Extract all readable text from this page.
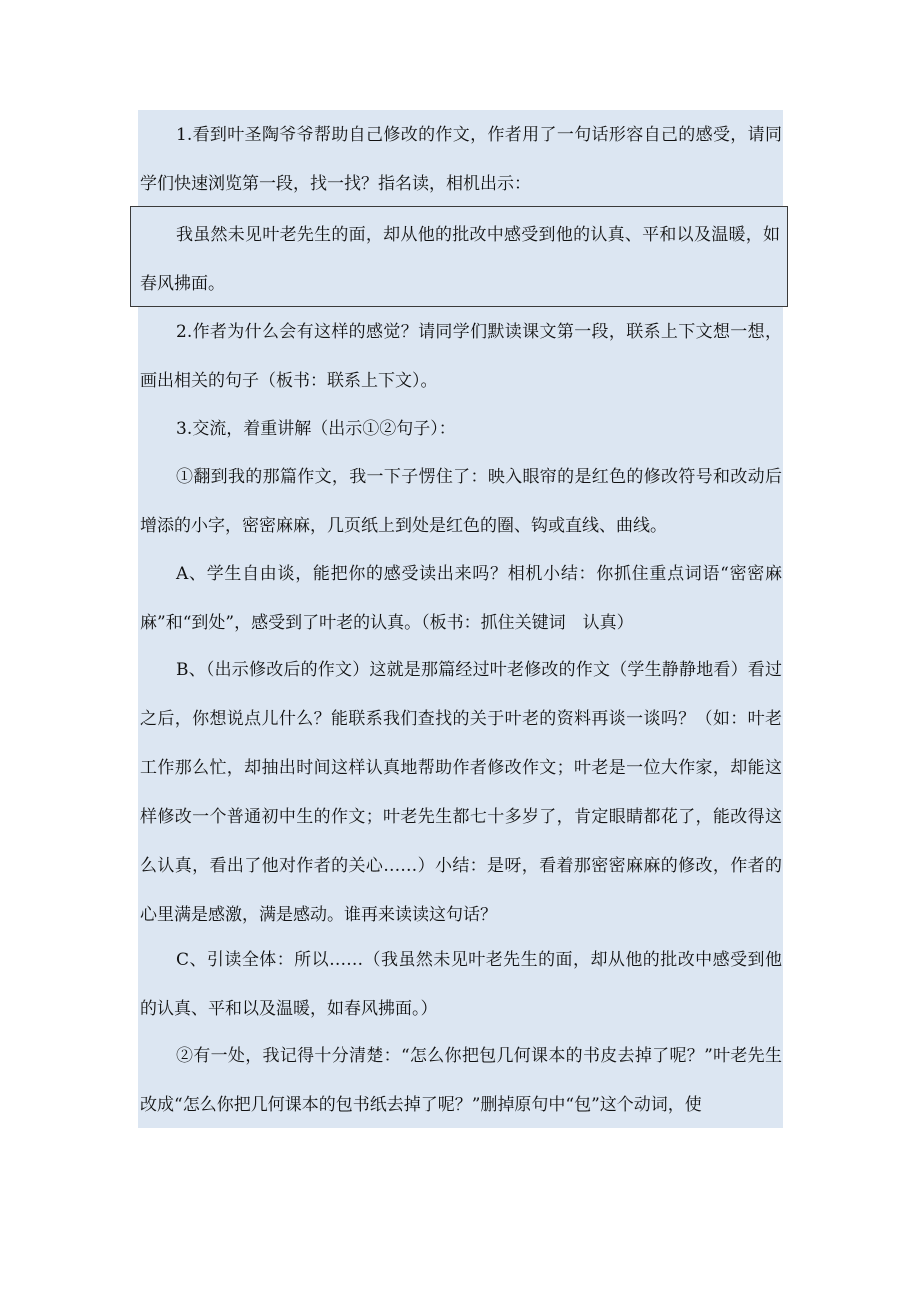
1.看到叶圣陶爷爷帮助自己修改的作文，作者用了一句话形容自己的感受，请同学们快速浏览第一段，找一找？指名读，相机出示：

我虽然未见叶老先生的面，却从他的批改中感受到他的认真、平和以及温暖，如春风拂面。

2.作者为什么会有这样的感觉？请同学们默读课文第一段，联系上下文想一想，画出相关的句子（板书：联系上下文）。

3.交流，着重讲解（出示①②句子）：

①翻到我的那篇作文，我一下子愣住了：映入眼帘的是红色的修改符号和改动后增添的小字，密密麻麻，几页纸上到处是红色的圈、钩或直线、曲线。

A、学生自由谈，能把你的感受读出来吗？相机小结：你抓住重点词语“密密麻麻”和“到处”，感受到了叶老的认真。（板书：抓住关键词　认真）

B、（出示修改后的作文）这就是那篇经过叶老修改的作文（学生静静地看）看过之后，你想说点儿什么？能联系我们查找的关于叶老的资料再谈一谈吗？（如：叶老工作那么忙，却抽出时间这样认真地帮助作者修改作文；叶老是一位大作家，却能这样修改一个普通初中生的作文；叶老先生都七十多岁了，肯定眼睛都花了，能改得这么认真，看出了他对作者的关心……）小结：是呀，看着那密密麻麻的修改，作者的心里满是感激，满是感动。谁再来读读这句话？

C、引读全体：所以……（我虽然未见叶老先生的面，却从他的批改中感受到他的认真、平和以及温暖，如春风拂面。）

②有一处，我记得十分清楚：“怎么你把包几何课本的书皮去掉了呢？”叶老先生改成“怎么你把几何课本的包书纸去掉了呢？”删掉原句中“包”这个动词，使
